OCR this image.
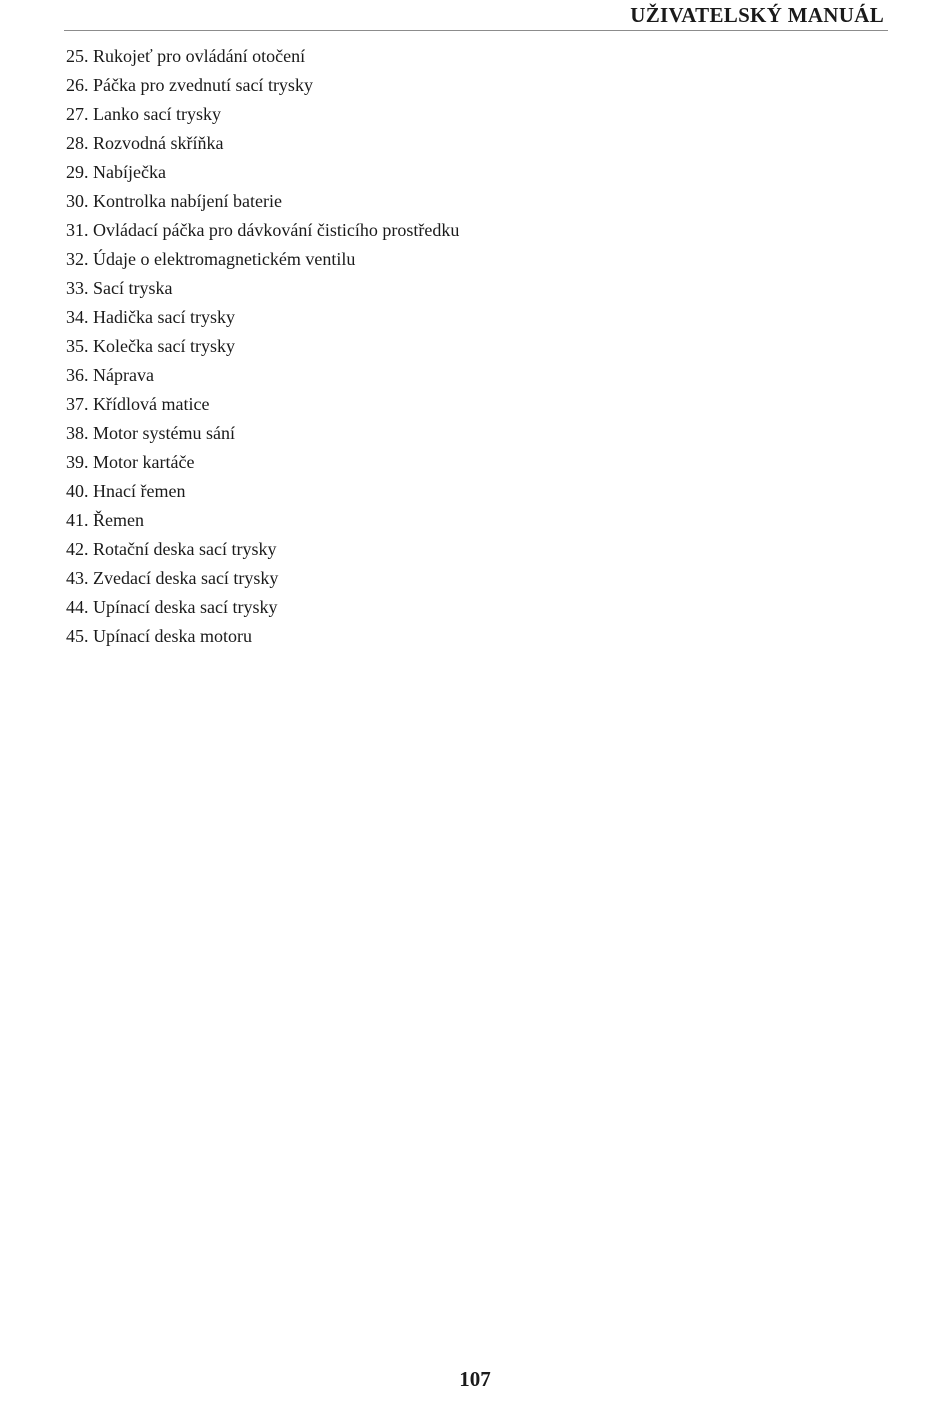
UŽIVATELSKÝ MANUÁL
25. Rukojeť pro ovládání otočení
26. Páčka pro zvednutí sací trysky
27. Lanko sací trysky
28. Rozvodná skříňka
29. Nabíječka
30. Kontrolka nabíjení baterie
31. Ovládací páčka pro dávkování čisticího prostředku
32. Údaje o elektromagnetickém ventilu
33. Sací tryska
34. Hadička sací trysky
35. Kolečka sací trysky
36. Náprava
37. Křídlová matice
38. Motor systému sání
39. Motor kartáče
40. Hnací řemen
41. Řemen
42. Rotační deska sací trysky
43. Zvedací deska sací trysky
44. Upínací deska sací trysky
45. Upínací deska motoru
107
